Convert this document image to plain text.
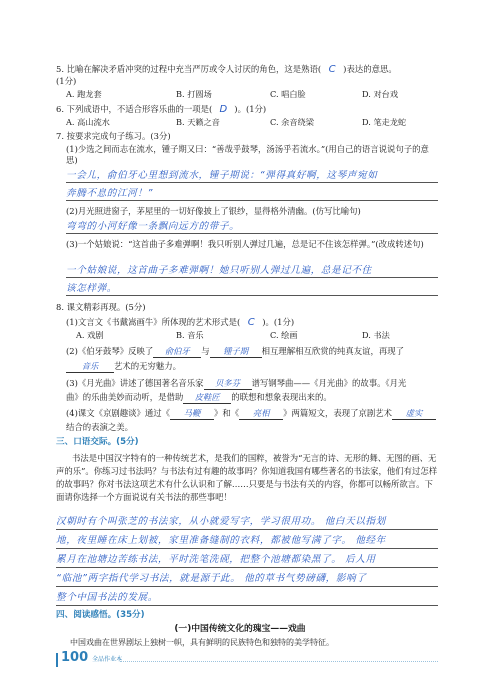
5. 比喻在解决矛盾冲突的过程中充当严厉或令人讨厌的角色，这是熟语( C )表达的意思。
(1分)
A. 跑龙套	B. 打圆场	C. 唱白脸	D. 对台戏
6. 下列成语中，不适合形容乐曲的一项是( D )。(1分)
A. 高山流水	B. 天籁之音	C. 余音绕梁	D. 笔走龙蛇
7. 按要求完成句子练习。(3分)
(1)少选之间而志在流水，锺子期又曰：“善哉乎鼓琴，汤汤乎若流水。”(用自己的语言说说句子的意思)
一会儿，俞伯牙心里想到流水，锺子期说：“弹得真好啊，这琴声宛如
奔腾不息的江河！”
(2)月光照进窗子，茅屋里的一切好像披上了银纱，显得格外清幽。(仿写比喻句)
弯弯的小河好像一条飘向远方的带子。
(3)一个姑娘说：“这首曲子多难弹啊！我只听别人弹过几遍，总是记不住该怎样弹。”(改成转述句)
一个姑娘说，这首曲子多难弹啊！她只听别人弹过几遍，总是记不住
该怎样弹。
8. 课文精彩再现。(5分)
(1)文言文《书戴嵩画牛》所体现的艺术形式是( C )。(1分)
A. 戏剧	B. 音乐	C. 绘画	D. 书法
(2)《伯牙鼓琴》反映了 俞伯牙 与 锺子期 相互理解相互欣赏的纯真友谊，再现了
音乐 艺术的无穷魅力。
(3)《月光曲》讲述了德国著名音乐家 贝多芬 谱写钢琴曲——《月光曲》的故事。《月光
曲》的乐曲美妙而动听，是借助 皮鞋匠 的联想和想象表现出来的。
(4)课文《京剧趣谈》通过《 马鞭 》和《 亮相 》两篇短文，表现了京剧艺术 虚实
结合的表演之美。
三、口语交际。(5分)
书法是中国汉字特有的一种传统艺术，是我们的国粹，被誉为“无言的诗、无形的舞、无图的画、无声的乐”。你练习过书法吗？与书法有过有趣的故事吗？你知道我国有哪些著名的书法家，他们有过怎样的故事吗？你对书法这项艺术有什么认识和了解……只要是与书法有关的内容，你都可以畅所欲言。下面请你选择一个方面说说有关书法的那些事吧！
汉朝时有个叫张芝的书法家，从小就爱写字，学习很用功。 他白天以指划
地，夜里睡在床上划被，家里准备缝制的衣料，都被他写满了字。 他经年
累月在池塘边苦练书法，平时洗笔洗砚，把整个池塘都染黑了。 后人用
“临池”两字指代学习书法，就是源于此。 他的草书气势磅礴，影响了
整个中国书法的发展。
四、阅读感悟。(35分)
(一)中国传统文化的瑰宝——戏曲
中国戏曲在世界剧坛上独树一帜，具有鲜明的民族特色和独特的美学特征。
100 全品作业本
